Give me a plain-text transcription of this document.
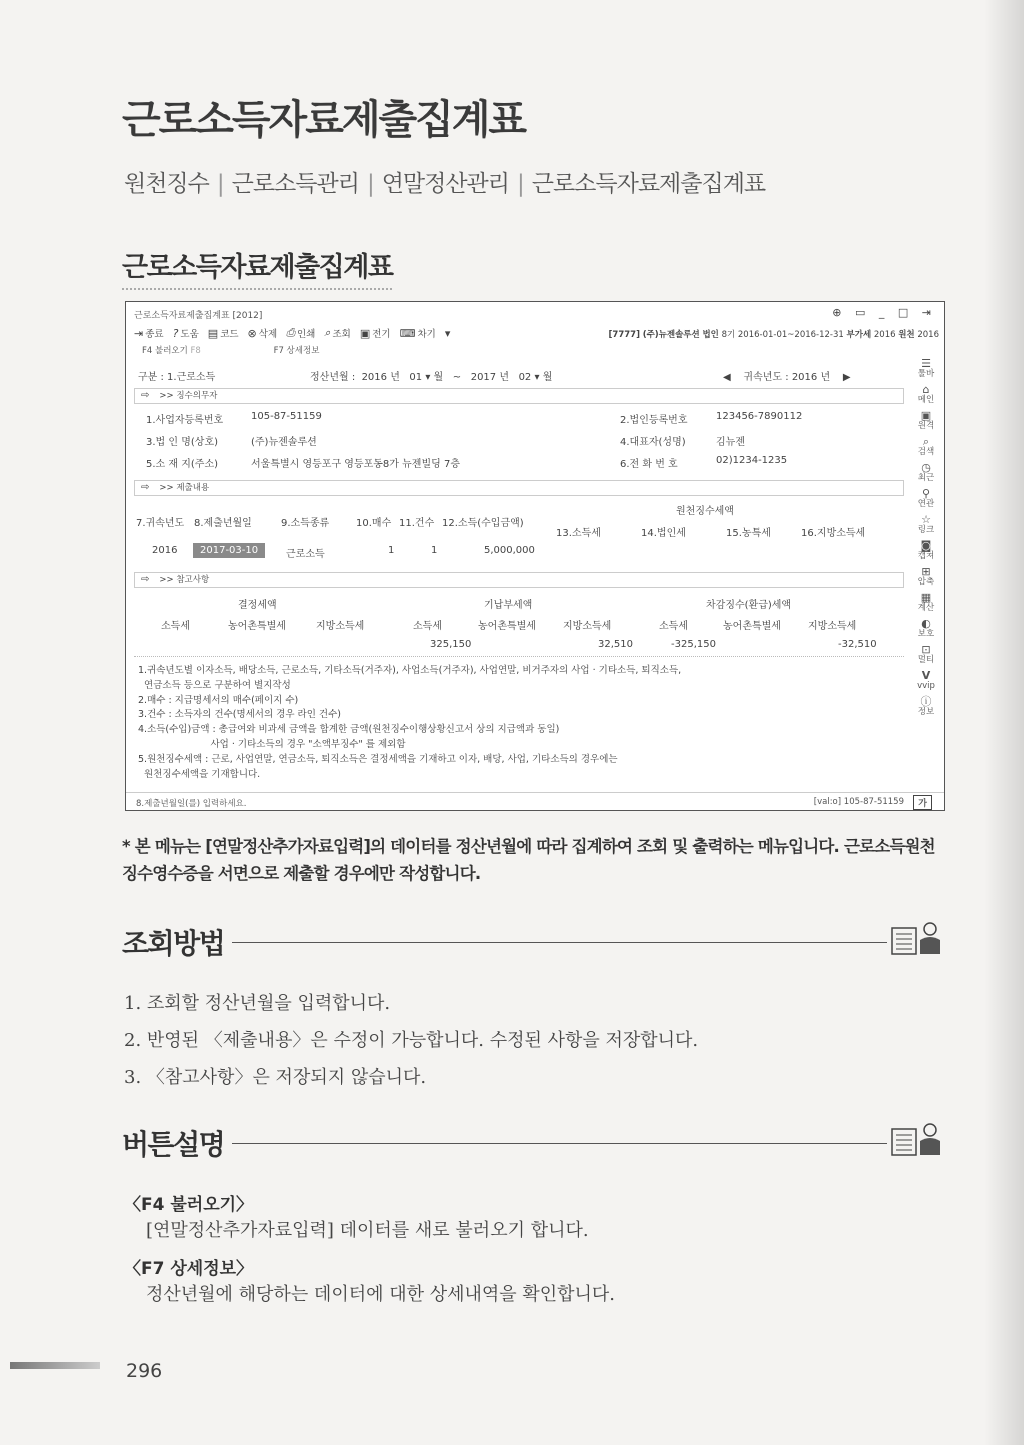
근로소득자료제출집계표
원천징수 | 근로소득관리 | 연말정산관리 | 근로소득자료제출집계표
근로소득자료제출집계표
근로소득자료제출집계표 [2012]	⊕ ▭ _ □ ⇥
⇥ 종료 ? 도움 ▤ 코드 ⊗ 삭제 ⎙ 인쇄 ⌕ 조회 ▣ 전기 ⌨ 차기 ▾	[7777] (주)뉴젠솔루션 법인 8기 2016-01-01~2016-12-31 부가세 2016 원천 2016
F4 불러오기 F8	F7 상세정보
구분 : 1.근로소득	정산년월 : 2016 년 01 ▾ 월 ~ 2017 년 02 ▾ 월	◀ 귀속년도 : 2016 년 ▶
⇨ >> 징수의무자
1.사업자등록번호	105-87-51159	2.법인등록번호	123456-7890112
3.법 인 명(상호)	(주)뉴젠솔루션	4.대표자(성명)	김뉴젠
5.소 재 지(주소)	서울특별시 영등포구 영등포동8가 뉴젠빌딩 7층	6.전 화 번 호	02)1234-1235
⇨ >> 제출내용
7.귀속년도 8.제출년월일	9.소득종류	10.매수 11.건수 12.소득(수입금액)
원천징수세액
13.소득세	14.법인세	15.농특세	16.지방소득세
2016	2017-03-10	근로소득	1	1	5,000,000
⇨ >> 참고사항
결정세액	기납부세액	차감징수(환급)세액
소득세	농어촌특별세	지방소득세	소득세	농어촌특별세	지방소득세	소득세	농어촌특별세	지방소득세
325,150	32,510	-325,150	-32,510
1.귀속년도별 이자소득, 배당소득, 근로소득, 기타소득(거주자), 사업소득(거주자), 사업연말, 비거주자의 사업 · 기타소득, 퇴직소득,
연금소득 등으로 구분하여 별지작성
2.매수 : 지급명세서의 매수(페이지 수)
3.건수 : 소득자의 건수(명세서의 경우 라인 건수)
4.소득(수입)금액 : 총급여와 비과세 금액을 합계한 금액(원천징수이행상황신고서 상의 지급액과 동일)
사업 · 기타소득의 경우 "소액부징수" 를 제외함
5.원천징수세액 : 근로, 사업연말, 연금소득, 퇴직소득은 결정세액을 기재하고 이자, 배당, 사업, 기타소득의 경우에는
원천징수세액을 기재합니다.
☰
툴바
⌂
메인
▣
원격
⌕
검색
◷
최근
⚲
연관
☆
링크
◙
캡쳐
⊞
압축
▦
계산
◐
보호
⊡
멀티
V
vvip
ⓘ
정보
8.제출년월일(를) 입력하세요.	[val:o] 105-87-51159	가
* 본 메뉴는 [연말정산추가자료입력]의 데이터를 정산년월에 따라 집계하여 조회 및 출력하는 메뉴입니다. 근로소득원천 징수영수증을 서면으로 제출할 경우에만 작성합니다.
조회방법
1. 조회할 정산년월을 입력합니다.
2. 반영된 〈제출내용〉은 수정이 가능합니다. 수정된 사항을 저장합니다.
3. 〈참고사항〉은 저장되지 않습니다.
버튼설명
〈F4 불러오기〉
[연말정산추가자료입력] 데이터를 새로 불러오기 합니다.
〈F7 상세정보〉
정산년월에 해당하는 데이터에 대한 상세내역을 확인합니다.
296
